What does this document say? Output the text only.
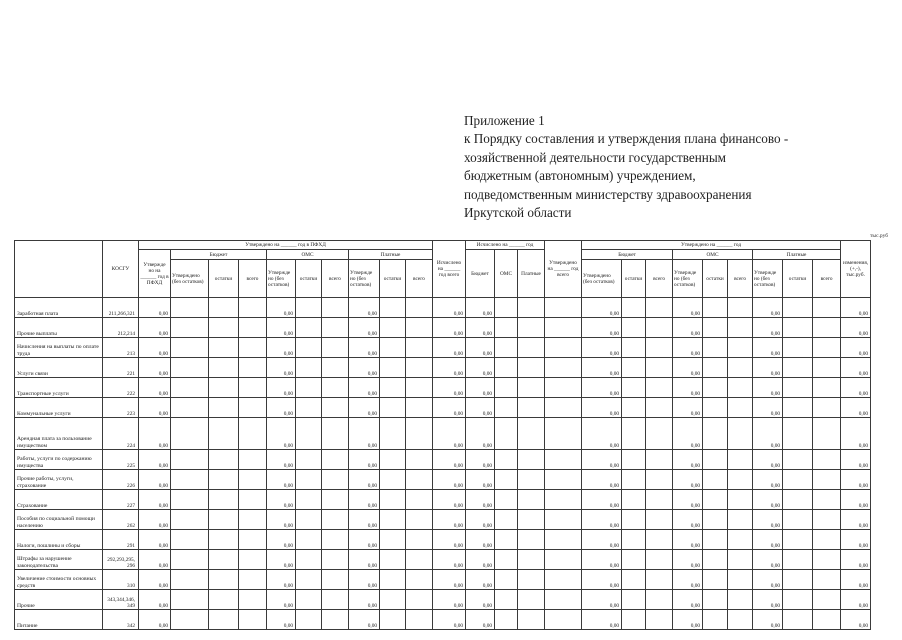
Приложение 1
к Порядку составления и утверждения плана финансово -
хозяйственной деятельности государственным
бюджетным (автономным) учреждением,
подведомственным министерству здравоохранения
Иркутской области
тыс.руб
	КОСГУ	Утверждено на ______ год в ПФХД										Исчислено на ______ год всего	Исчислено на ______ год			Утверждено на ______ год всего	Утверждено на ______ год									изменения, (+,-), тыс.руб.
		Утвержде но на ______ год в ПФХД	Бюджет			ОМС			Платные				Бюджет	ОМС	Платные		Бюджет			ОМС			Платные			
			Утверждено (без остатков)	остатки	всего	Утвержде но (без остатков)	остатки	всего	Утвержде но (без остатков)	остатки	всего						Утверждено (без остатков)	остатки	всего	Утвержде но (без остатков)	остатки	всего	Утвержде но (без остатков)	остатки	всего	
Заработная плата	211,266,321	0,00				0,00			0,00			0,00	0,00				0,00			0,00			0,00			0,00
Прочие выплаты	212,214	0,00				0,00			0,00			0,00	0,00				0,00			0,00			0,00			0,00
Начисления на выплаты по оплате труда	213	0,00				0,00			0,00			0,00	0,00				0,00			0,00			0,00			0,00
Услуги связи	221	0,00				0,00			0,00			0,00	0,00				0,00			0,00			0,00			0,00
Транспортные услуги	222	0,00				0,00			0,00			0,00	0,00				0,00			0,00			0,00			0,00
Коммунальные услуги	223	0,00				0,00			0,00			0,00	0,00				0,00			0,00			0,00			0,00
Арендная плата за пользование имуществом	224	0,00				0,00			0,00			0,00	0,00				0,00			0,00			0,00			0,00
Работы, услуги по содержанию имущества	225	0,00				0,00			0,00			0,00	0,00				0,00			0,00			0,00			0,00
Прочие работы, услуги, страхование	226	0,00				0,00			0,00			0,00	0,00				0,00			0,00			0,00			0,00
Страхование	227	0,00				0,00			0,00			0,00	0,00				0,00			0,00			0,00			0,00
Пособия по социальной помощи населению	262	0,00				0,00			0,00			0,00	0,00				0,00			0,00			0,00			0,00
Налоги, пошлины и сборы	291	0,00				0,00			0,00			0,00	0,00				0,00			0,00			0,00			0,00
Штрафы за нарушение законодательства	292,293,295, 296	0,00				0,00			0,00			0,00	0,00				0,00			0,00			0,00			0,00
Увеличение стоимости основных средств	310	0,00				0,00			0,00			0,00	0,00				0,00			0,00			0,00			0,00
Прочие	343,344,346, 349	0,00				0,00			0,00			0,00	0,00				0,00			0,00			0,00			0,00
Питание	342	0,00				0,00			0,00			0,00	0,00				0,00			0,00			0,00			0,00
